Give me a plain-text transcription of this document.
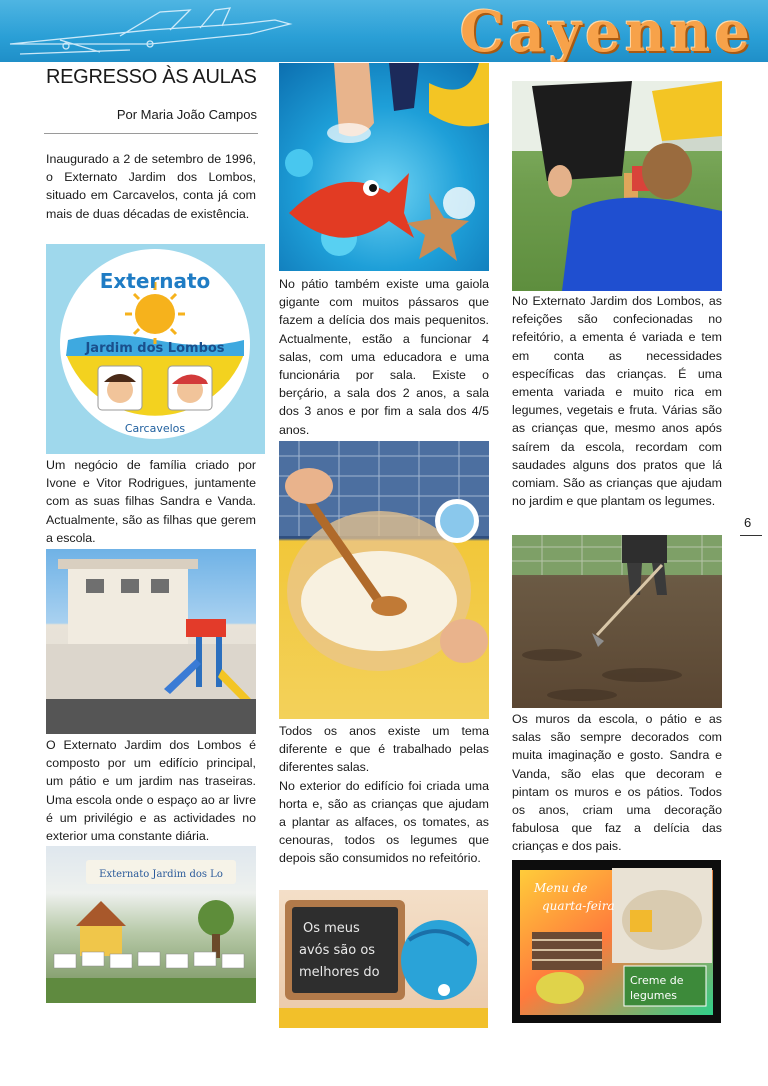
Cayenne
REGRESSO ÀS AULAS
Por Maria João Campos
Inaugurado a 2 de setembro de 1996, o Externato Jardim dos Lombos, situado em Carcavelos, conta já com mais de duas décadas de existência.
Externato
Jardim dos Lombos
Carcavelos
Um negócio de família criado por Ivone e Vitor Rodrigues, juntamente com as suas filhas Sandra e Vanda. Actualmente, são as filhas que gerem a escola.
O Externato Jardim dos Lombos é composto por um edifício principal, um pátio e um jardim nas traseiras. Uma escola onde o espaço ao ar livre é um privilégio e as actividades no exterior uma constante diária.
Externato Jardim dos Lo
No pátio também existe uma gaiola gigante com muitos pássaros que fazem a delícia dos mais pequenitos. Actualmente, estão a funcionar 4 salas, com uma educadora e uma funcionária por sala. Existe o berçário, a sala dos 2 anos, a sala dos 3 anos e por fim a sala dos 4/5 anos.

Todos os anos existe um tema diferente e que é trabalhado pelas diferentes salas.

No exterior do edifício foi criada uma horta e, são as crianças que ajudam a plantar as alfaces, os tomates, as cenouras, todos os legumes que depois são consumidos no refeitório.

Os meus
avós são os
melhores do
No Externato Jardim dos Lombos, as refeições são confecionadas no refeitório, a ementa é variada e tem em conta as necessidades específicas das crianças. É uma ementa variada e muito rica em legumes, vegetais e fruta. Várias são as crianças que, mesmo anos após saírem da escola, recordam com saudades alguns dos pratos que lá comiam. São as crianças que ajudam no jardim e que plantam os legumes.
Os muros da escola, o pátio e as salas são sempre decorados com muita imaginação e gosto. Sandra e Vanda, são elas que decoram e pintam os muros e os pátios. Todos os anos, criam uma decoração fabulosa que faz a delícia das crianças e dos pais.
Menu de
quarta-feira
Creme de
legumes
6
